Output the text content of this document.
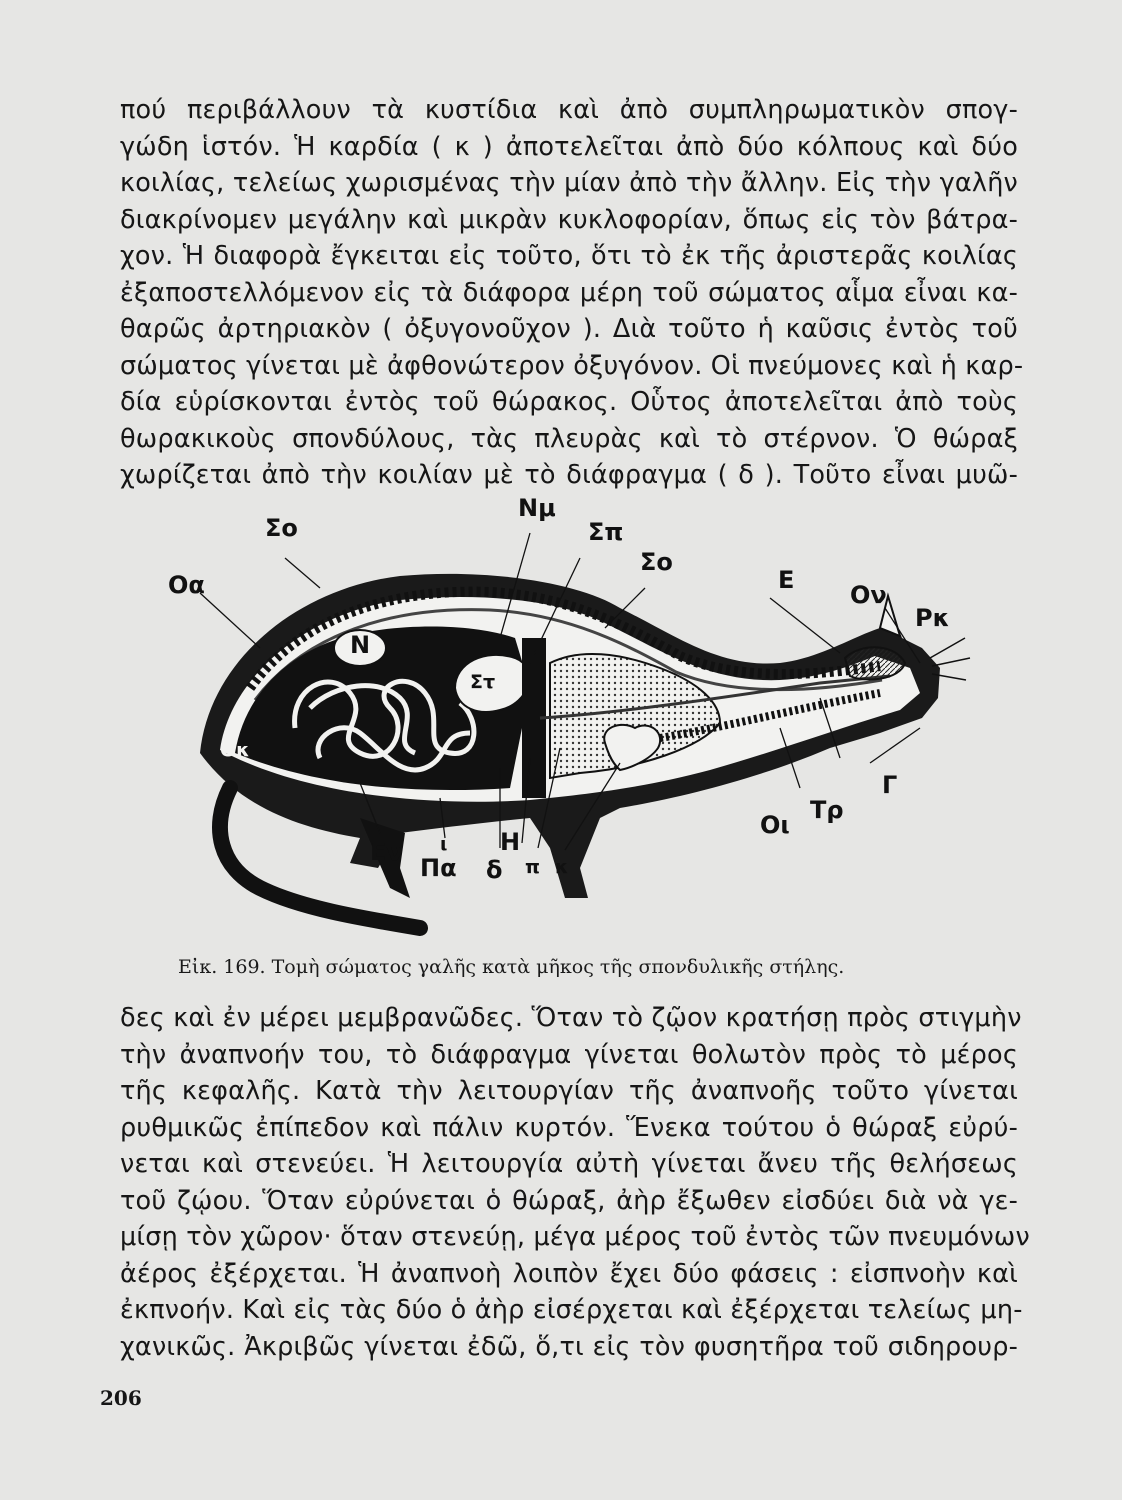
πού περιβάλλουν τὰ κυστίδια καὶ ἀπὸ συμπληρωματικὸν σπογ-
γώδη ἱστόν. Ἡ καρδία ( κ ) ἀποτελεῖται ἀπὸ δύο κόλπους καὶ δύο
κοιλίας, τελείως χωρισμένας τὴν μίαν ἀπὸ τὴν ἄλλην. Εἰς τὴν γαλῆν
διακρίνομεν μεγάλην καὶ μικρὰν κυκλοφορίαν, ὅπως εἰς τὸν βάτρα-
χον. Ἡ διαφορὰ ἔγκειται εἰς τοῦτο, ὅτι τὸ ἐκ τῆς ἀριστερᾶς κοιλίας
ἐξαποστελλόμενον εἰς τὰ διάφορα μέρη τοῦ σώματος αἷμα εἶναι κα-
θαρῶς ἀρτηριακὸν ( ὀξυγονοῦχον ). Διὰ τοῦτο ἡ καῦσις ἐντὸς τοῦ
σώματος γίνεται μὲ ἀφθονώτερον ὀξυγόνον. Οἱ πνεύμονες καὶ ἡ καρ-
δία εὑρίσκονται ἐντὸς τοῦ θώρακος. Οὗτος ἀποτελεῖται ἀπὸ τοὺς
θωρακικοὺς σπονδύλους, τὰς πλευρὰς καὶ τὸ στέρνον. Ὁ θώραξ
χωρίζεται ἀπὸ τὴν κοιλίαν μὲ τὸ διάφραγμα ( δ ). Τοῦτο εἶναι μυῶ-
Σο
Νμ
Σπ
Σο
Οα	Ε
Ον
Ρκ
Ν
Στ
Οκ
Γ
Τρ
Οι
Εν ι
Πα δ
Η
π κ
Εἰκ. 169. Τομὴ σώματος γαλῆς κατὰ μῆκος τῆς σπονδυλικῆς στήλης.
δες καὶ ἐν μέρει μεμβρανῶδες. Ὅταν τὸ ζῷον κρατήσῃ πρὸς στιγμὴν
τὴν ἀναπνοήν του, τὸ διάφραγμα γίνεται θολωτὸν πρὸς τὸ μέρος
τῆς κεφαλῆς. Κατὰ τὴν λειτουργίαν τῆς ἀναπνοῆς τοῦτο γίνεται
ρυθμικῶς ἐπίπεδον καὶ πάλιν κυρτόν. Ἕνεκα τούτου ὁ θώραξ εὐρύ-
νεται καὶ στενεύει. Ἡ λειτουργία αὐτὴ γίνεται ἄνευ τῆς θελήσεως
τοῦ ζῴου. Ὅταν εὐρύνεται ὁ θώραξ, ἀὴρ ἔξωθεν εἰσδύει διὰ νὰ γε-
μίσῃ τὸν χῶρον· ὅταν στενεύῃ, μέγα μέρος τοῦ ἐντὸς τῶν πνευμόνων
ἀέρος ἐξέρχεται. Ἡ ἀναπνοὴ λοιπὸν ἔχει δύο φάσεις : εἰσπνοὴν καὶ
ἐκπνοήν. Καὶ εἰς τὰς δύο ὁ ἀὴρ εἰσέρχεται καὶ ἐξέρχεται τελείως μη-
χανικῶς. Ἀκριβῶς γίνεται ἐδῶ, ὅ,τι εἰς τὸν φυσητῆρα τοῦ σιδηρουρ-
206
